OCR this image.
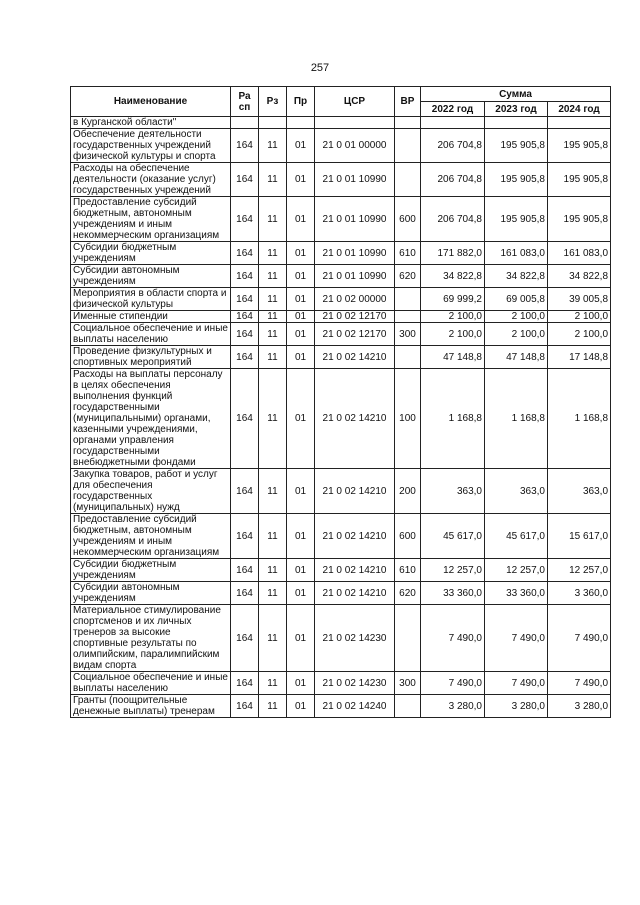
257
Наименование	Ра сп	Рз	Пр	ЦСР	ВР	Сумма		
						2022 год	2023 год	2024 год
в Курганской области"								
Обеспечение деятельности государственных учреждений физической культуры и спорта	164	11	01	21 0 01 00000		206 704,8	195 905,8	195 905,8
Расходы на обеспечение деятельности (оказание услуг) государственных учреждений	164	11	01	21 0 01 10990		206 704,8	195 905,8	195 905,8
Предоставление субсидий бюджетным, автономным учреждениям и иным некоммерческим организациям	164	11	01	21 0 01 10990	600	206 704,8	195 905,8	195 905,8
Субсидии бюджетным учреждениям	164	11	01	21 0 01 10990	610	171 882,0	161 083,0	161 083,0
Субсидии автономным учреждениям	164	11	01	21 0 01 10990	620	34 822,8	34 822,8	34 822,8
Мероприятия в области спорта и физической культуры	164	11	01	21 0 02 00000		69 999,2	69 005,8	39 005,8
Именные стипендии	164	11	01	21 0 02 12170		2 100,0	2 100,0	2 100,0
Социальное обеспечение и иные выплаты населению	164	11	01	21 0 02 12170	300	2 100,0	2 100,0	2 100,0
Проведение физкультурных и спортивных мероприятий	164	11	01	21 0 02 14210		47 148,8	47 148,8	17 148,8
Расходы на выплаты персоналу в целях обеспечения выполнения функций государственными (муниципальными) органами, казенными учреждениями, органами управления государственными внебюджетными фондами	164	11	01	21 0 02 14210	100	1 168,8	1 168,8	1 168,8
Закупка товаров, работ и услуг для обеспечения государственных (муниципальных) нужд	164	11	01	21 0 02 14210	200	363,0	363,0	363,0
Предоставление субсидий бюджетным, автономным учреждениям и иным некоммерческим организациям	164	11	01	21 0 02 14210	600	45 617,0	45 617,0	15 617,0
Субсидии бюджетным учреждениям	164	11	01	21 0 02 14210	610	12 257,0	12 257,0	12 257,0
Субсидии автономным учреждениям	164	11	01	21 0 02 14210	620	33 360,0	33 360,0	3 360,0
Материальное стимулирование спортсменов и их личных тренеров за высокие спортивные результаты по олимпийским, паралимпийским видам спорта	164	11	01	21 0 02 14230		7 490,0	7 490,0	7 490,0
Социальное обеспечение и иные выплаты населению	164	11	01	21 0 02 14230	300	7 490,0	7 490,0	7 490,0
Гранты (поощрительные денежные выплаты) тренерам	164	11	01	21 0 02 14240		3 280,0	3 280,0	3 280,0
